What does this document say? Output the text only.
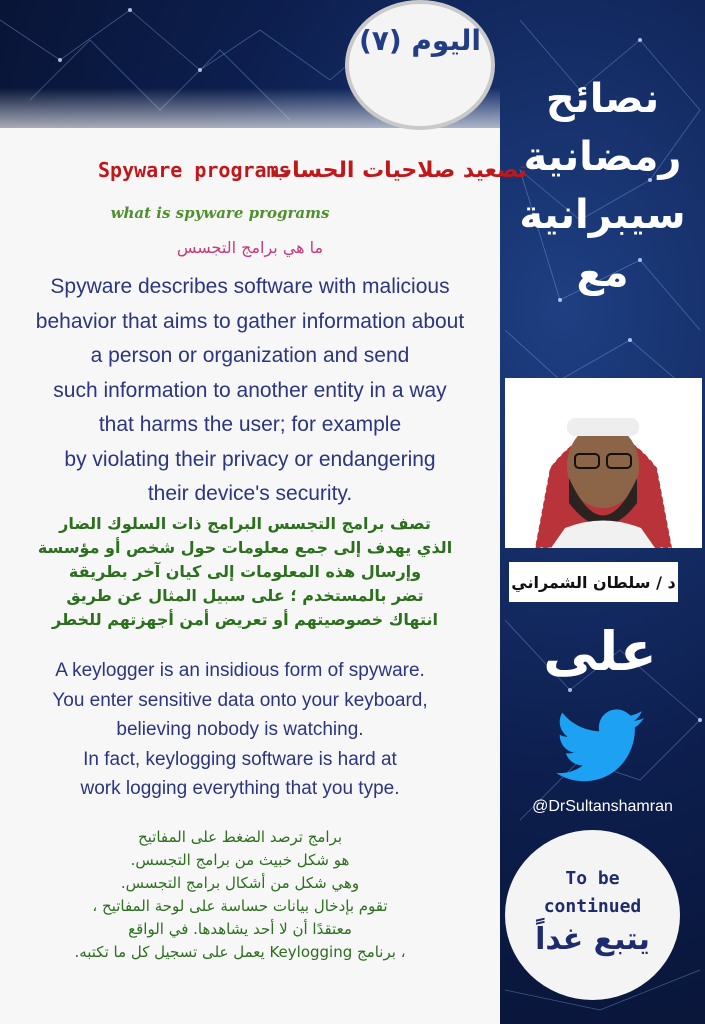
اليوم (٧)
تصعيد صلاحيات الحساب
Spyware programs
what is spyware programs
ما هي برامج التجسس
Spyware describes software with malicious
behavior that aims to gather information about
a person or organization and send
such information to another entity in a way
that harms the user; for example
by violating their privacy or endangering
their device's security.
تصف برامج التجسس البرامج ذات السلوك الضار
الذي يهدف إلى جمع معلومات حول شخص أو مؤسسة
وإرسال هذه المعلومات إلى كيان آخر بطريقة
تضر بالمستخدم ؛ على سبيل المثال عن طريق
انتهاك خصوصيتهم أو تعريض أمن أجهزتهم للخطر
A keylogger is an insidious form of spyware.
You enter sensitive data onto your keyboard,
believing nobody is watching.
In fact, keylogging software is hard at
work logging everything that you type.
برامج ترصد الضغط على المفاتيح
هو شكل خبيث من برامج التجسس.
وهي شكل من أشكال برامج التجسس.
تقوم بإدخال بيانات حساسة على لوحة المفاتيح ،
معتقدًا أن لا أحد يشاهدها. في الواقع
، برنامج Keylogging يعمل على تسجيل كل ما تكتبه.
نصائح
رمضانية
سيبرانية
مع
د / سلطان الشمراني
على
@DrSultanshamran
To be
continued
يتبع غداً
